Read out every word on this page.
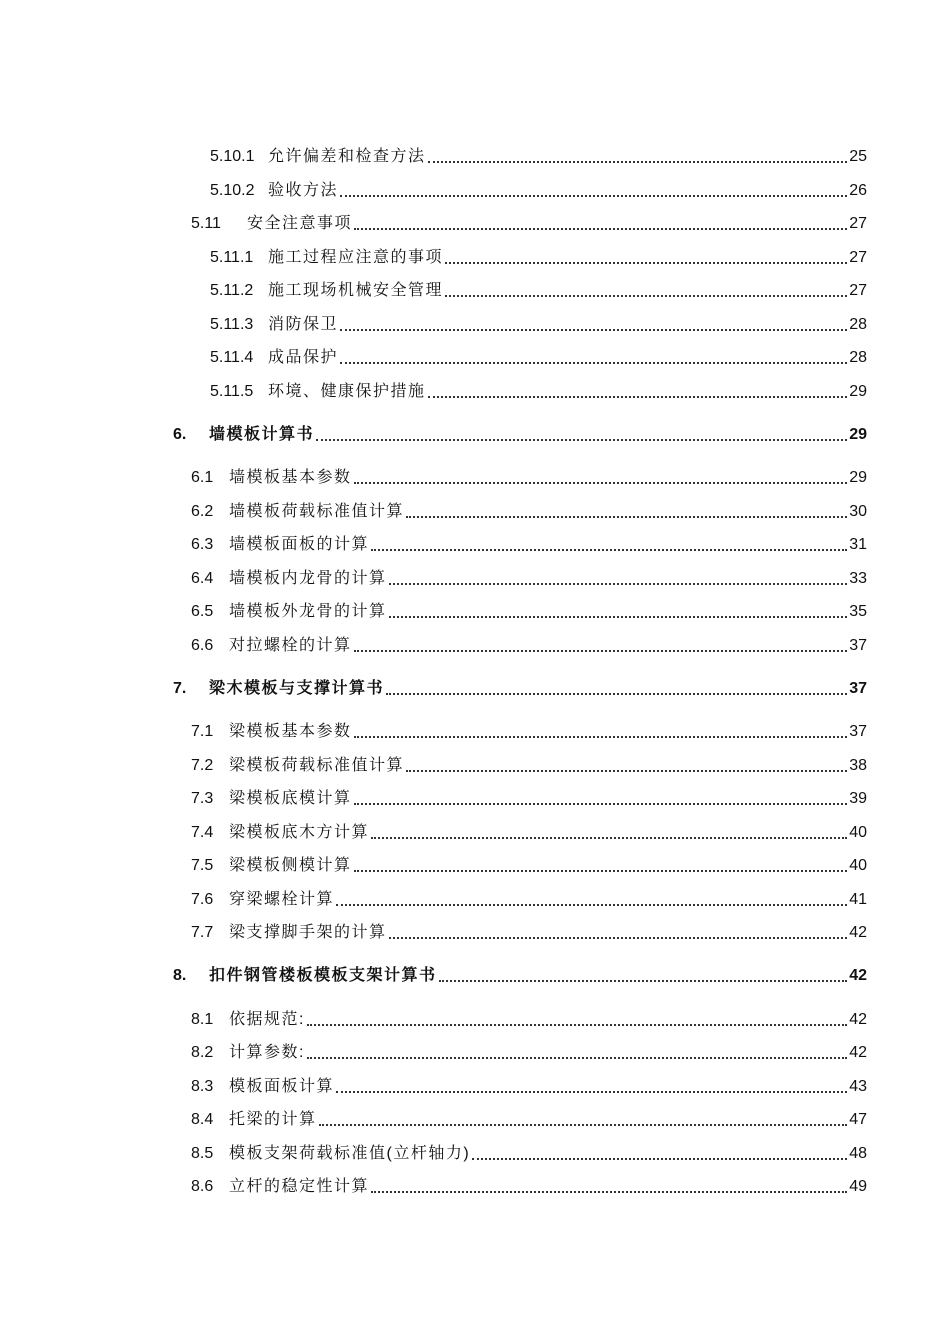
5.10.1 允许偏差和检查方法	25
5.10.2 验收方法	26
5.11	安全注意事项	27
5.11.1 施工过程应注意的事项	27
5.11.2 施工现场机械安全管理	27
5.11.3 消防保卫	28
5.11.4 成品保护	28
5.11.5 环境、健康保护措施	29
6.	墙模板计算书	29
6.1 墙模板基本参数	29
6.2 墙模板荷载标准值计算	30
6.3 墙模板面板的计算	31
6.4 墙模板内龙骨的计算	33
6.5 墙模板外龙骨的计算	35
6.6 对拉螺栓的计算	37
7.	梁木模板与支撑计算书	37
7.1 梁模板基本参数	37
7.2 梁模板荷载标准值计算	38
7.3 梁模板底模计算	39
7.4 梁模板底木方计算	40
7.5 梁模板侧模计算	40
7.6 穿梁螺栓计算	41
7.7 梁支撑脚手架的计算	42
8.	扣件钢管楼板模板支架计算书	42
8.1 依据规范:	42
8.2 计算参数:	42
8.3 模板面板计算	43
8.4 托梁的计算	47
8.5 模板支架荷载标准值(立杆轴力)	48
8.6 立杆的稳定性计算	49
